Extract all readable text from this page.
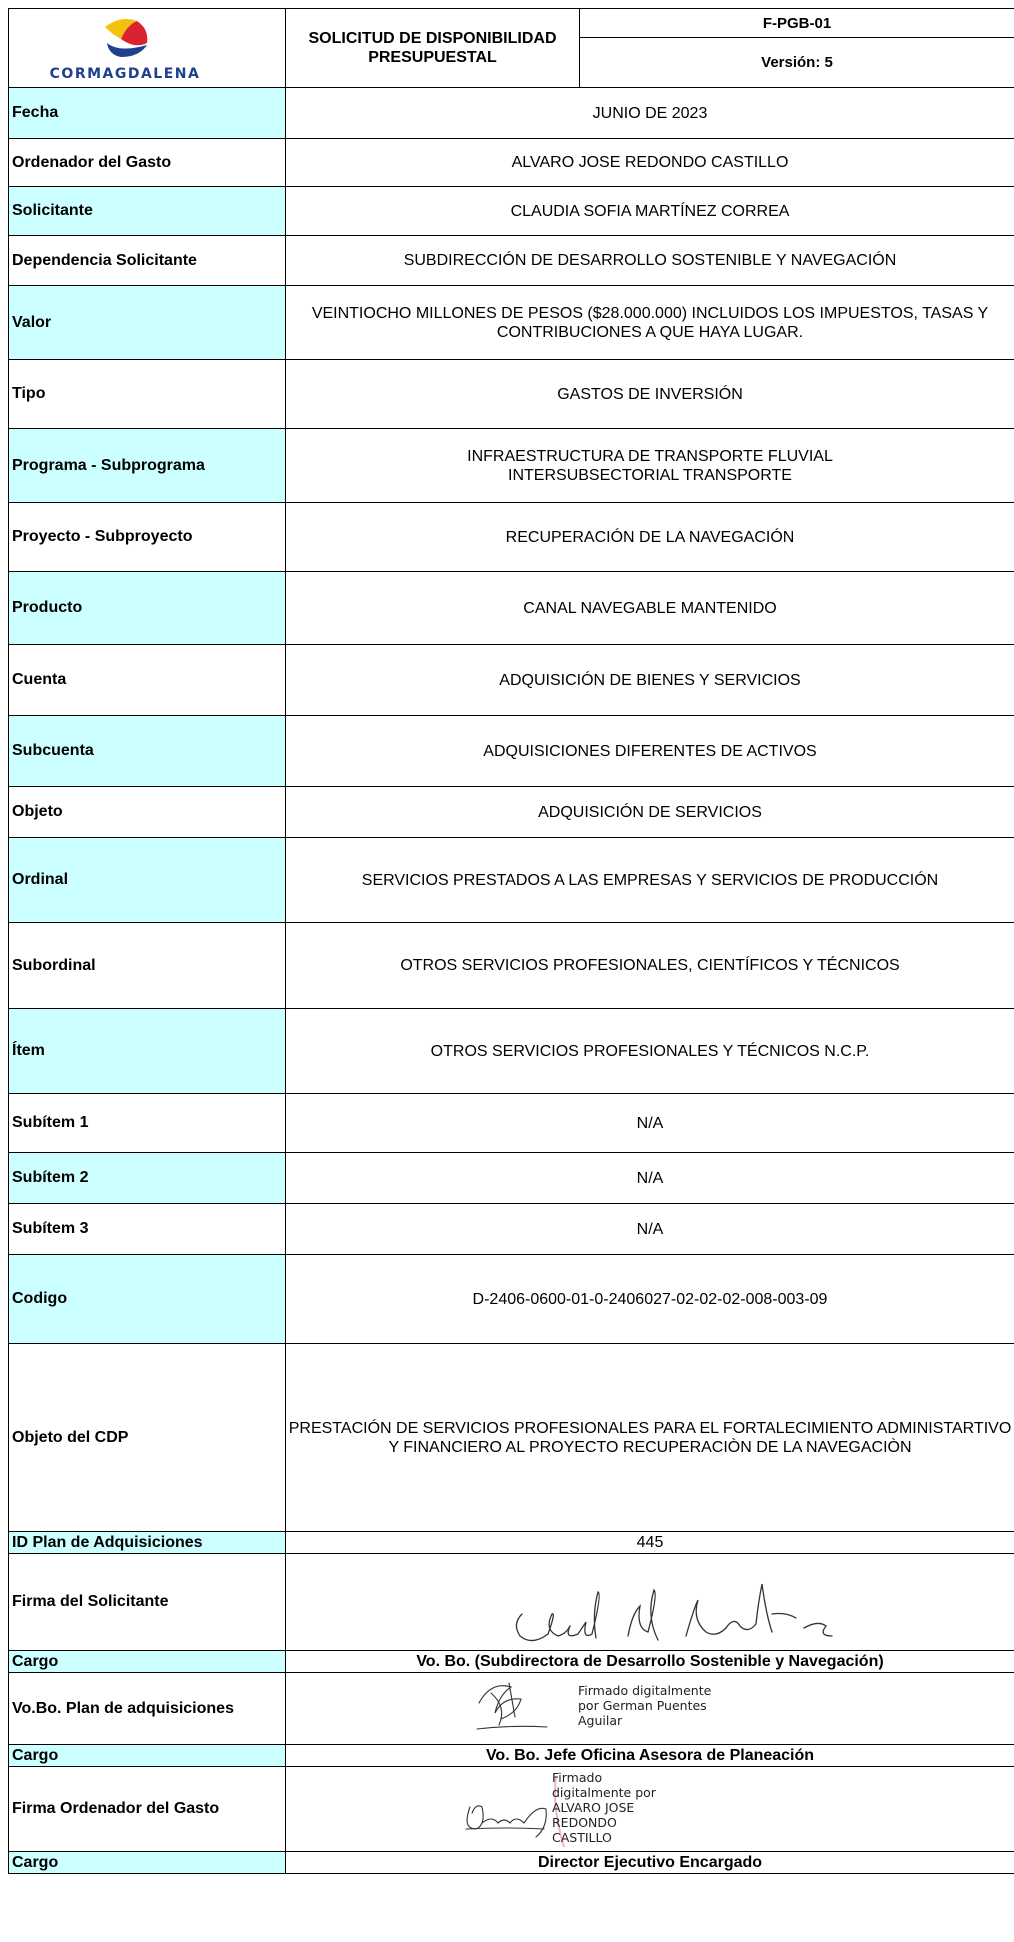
CORMAGDALENA	SOLICITUD DE DISPONIBILIDAD PRESUPUESTAL	F-PGB-01
		Versión: 5
Fecha	JUNIO DE 2023	
Ordenador del Gasto	ALVARO JOSE REDONDO CASTILLO	
Solicitante	CLAUDIA SOFIA MARTÍNEZ CORREA	
Dependencia Solicitante	SUBDIRECCIÓN DE DESARROLLO SOSTENIBLE Y NAVEGACIÓN	
Valor	VEINTIOCHO MILLONES DE PESOS ($28.000.000) INCLUIDOS LOS IMPUESTOS, TASAS Y CONTRIBUCIONES A QUE HAYA LUGAR.	
Tipo	GASTOS DE INVERSIÓN	
Programa - Subprograma	INFRAESTRUCTURA DE TRANSPORTE FLUVIAL INTERSUBSECTORIAL TRANSPORTE	

Proyecto - Subproyecto	RECUPERACIÓN DE LA NAVEGACIÓN	
Producto	CANAL NAVEGABLE MANTENIDO	
Cuenta	ADQUISICIÓN DE BIENES Y SERVICIOS	
Subcuenta	ADQUISICIONES DIFERENTES DE ACTIVOS	
Objeto	ADQUISICIÓN DE SERVICIOS	
Ordinal	SERVICIOS PRESTADOS A LAS EMPRESAS Y SERVICIOS DE PRODUCCIÓN	
Subordinal	OTROS SERVICIOS PROFESIONALES, CIENTÍFICOS Y TÉCNICOS	
Ítem	OTROS SERVICIOS PROFESIONALES Y TÉCNICOS N.C.P.	
Subítem 1	N/A	
Subítem 2	N/A	
Subítem 3	N/A	
Codigo	D-2406-0600-01-0-2406027-02-02-02-008-003-09	
Objeto del CDP	PRESTACIÓN DE SERVICIOS PROFESIONALES PARA EL FORTALECIMIENTO ADMINISTARTIVO Y FINANCIERO AL PROYECTO RECUPERACIÒN DE LA NAVEGACIÒN	
ID Plan de Adquisiciones	445	
Firma del Solicitante	

Cargo	Vo. Bo. (Subdirectora de Desarrollo Sostenible y Navegación)	
Vo.Bo. Plan de adquisiciones	Firmado digitalmente
por German Puentes
Aguilar	

Cargo	Vo. Bo. Jefe Oficina Asesora de Planeación	
Firma Ordenador del Gasto	Firmado
digitalmente por
ALVARO JOSE
REDONDO
CASTILLO	

Cargo	Director Ejecutivo Encargado	
